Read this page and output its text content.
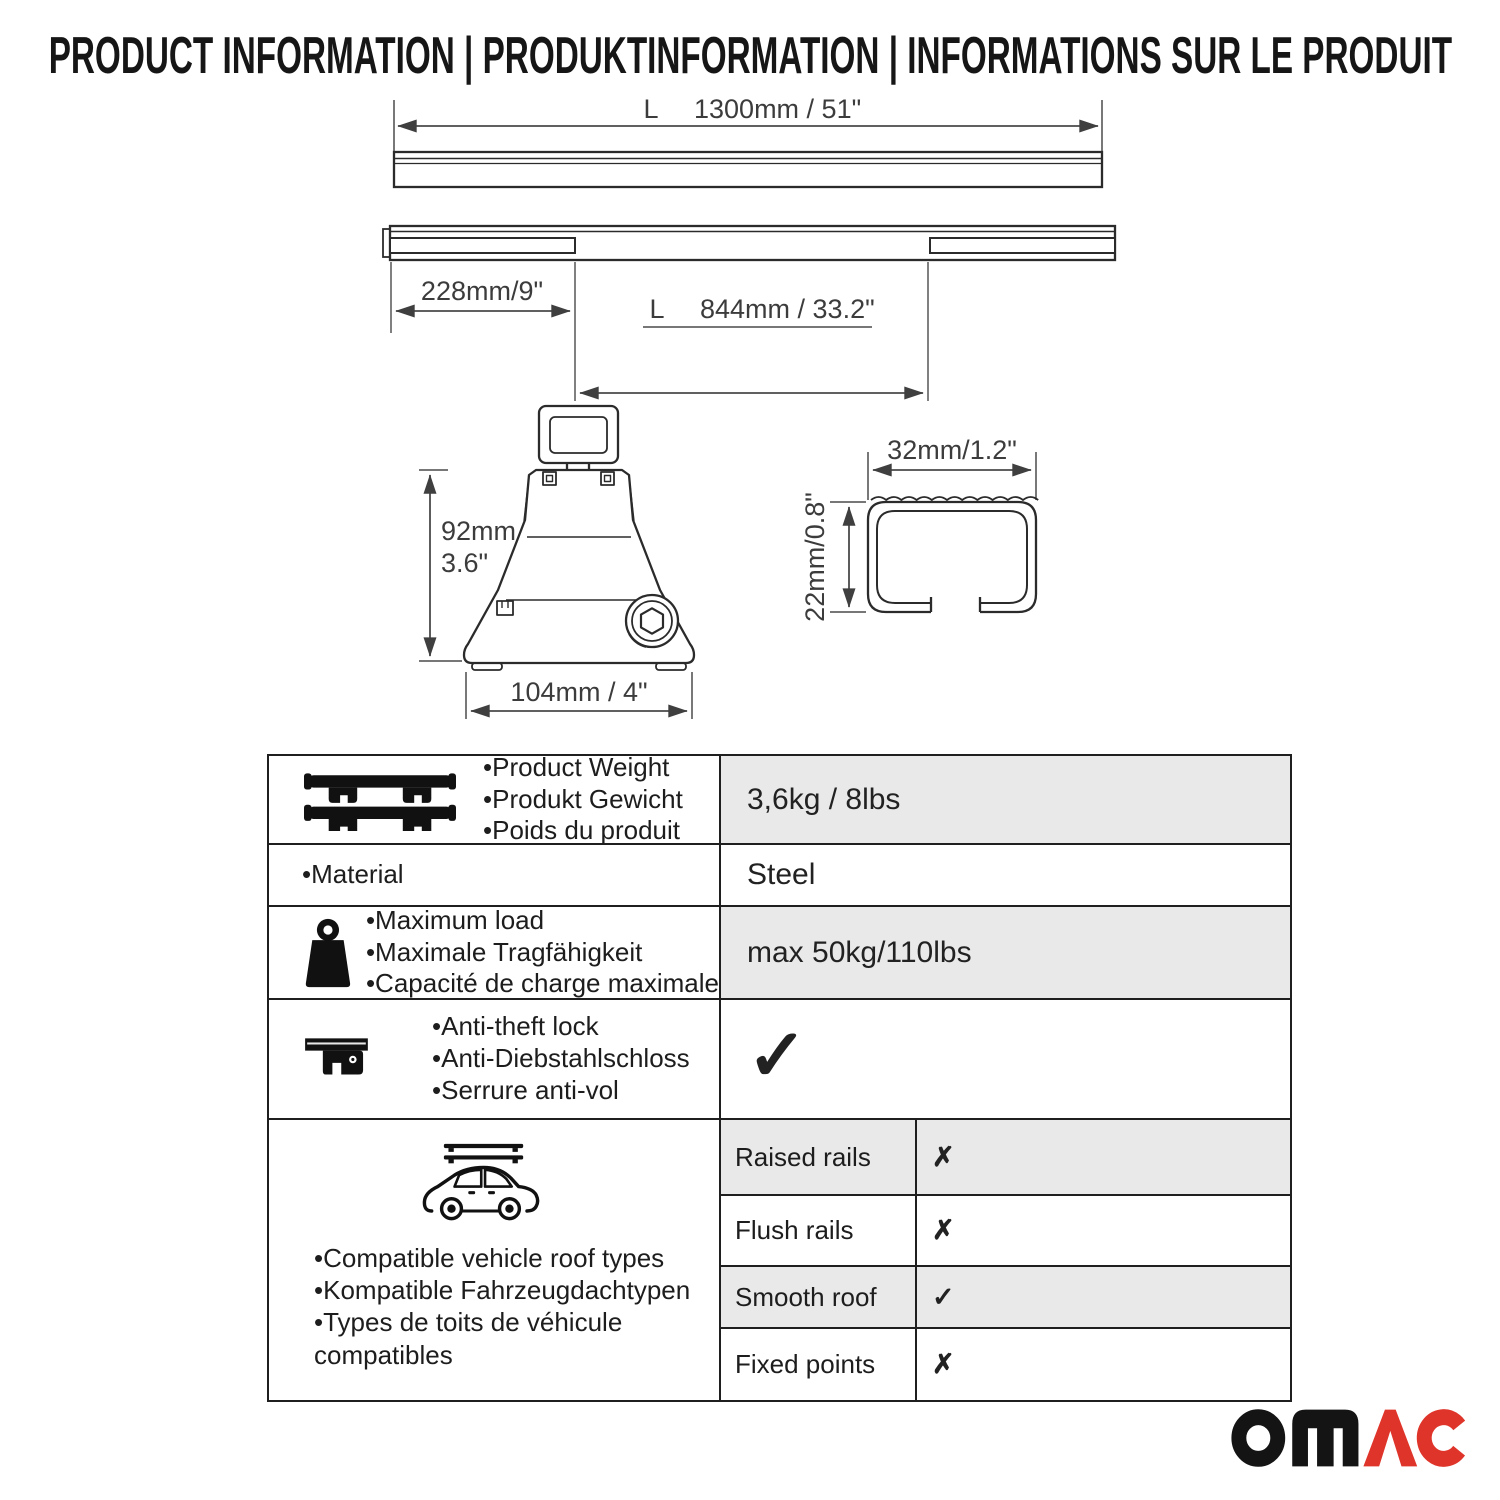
PRODUCT INFORMATION | PRODUKTINFORMATION | INFORMATIONS SUR LE PRODUIT
L 1300mm / 51"
228mm/9"
L 844mm / 33.2"
92mm
3.6"
104mm / 4"
32mm/1.2"
22mm/0.8"
•Product Weight
•Produkt Gewicht
•Poids du produit
3,6kg / 8lbs
•Material	Steel
•Maximum load
•Maximale Tragfähigkeit
•Capacité de charge maximale
max 50kg/110lbs
•Anti-theft lock
•Anti-Diebstahlschloss
•Serrure anti-vol	✓
•Compatible vehicle roof types
•Kompatible Fahrzeugdachtypen
•Types de toits de véhicule
compatibles
Raised rails	✗
Flush rails	✗
Smooth roof	✓
Fixed points	✗
